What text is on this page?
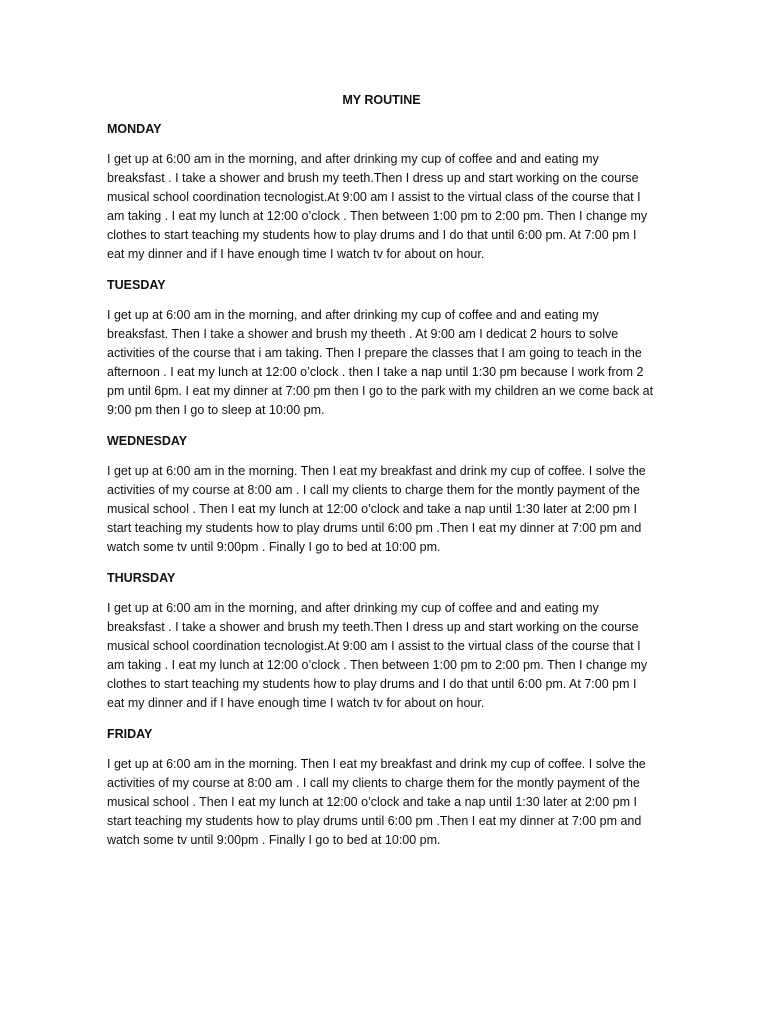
MY ROUTINE
MONDAY
I get up at 6:00 am in the morning, and after drinking my cup of coffee and and eating my breaksfast . I take a shower and brush my teeth.Then I dress up and start working on the course musical school coordination tecnologist.At 9:00 am I assist to the virtual class of the course that I am taking . I eat my lunch at 12:00 o’clock . Then between 1:00 pm to 2:00 pm. Then I change my clothes to start teaching my students how to play drums and I do that until 6:00 pm. At 7:00 pm I eat my dinner and if I have enough time I watch tv for about on hour.
TUESDAY
I get up at 6:00 am in the morning, and after drinking my cup of coffee and and eating my breaksfast. Then I take a shower and brush my theeth . At 9:00 am I dedicat 2 hours to solve activities of the course that i am taking. Then I prepare the classes that I am going to teach in the afternoon . I eat my lunch at 12:00 o’clock . then I take a nap until 1:30 pm because I work from 2 pm until 6pm. I eat my dinner at 7:00 pm then I go to the park with my children an we come back at 9:00 pm then I go to sleep at 10:00 pm.
WEDNESDAY
I get up at 6:00 am in the morning. Then I eat my breakfast and drink my cup of coffee. I solve the activities of my course at 8:00 am . I call my clients to charge them for the montly payment of the musical school . Then I eat my lunch at 12:00 o’clock and take a nap until 1:30 later at 2:00 pm I start teaching my students how to play drums until 6:00 pm .Then I eat my dinner at 7:00 pm and watch some tv until 9:00pm . Finally I go to bed at 10:00 pm.
THURSDAY
I get up at 6:00 am in the morning, and after drinking my cup of coffee and and eating my breaksfast . I take a shower and brush my teeth.Then I dress up and start working on the course musical school coordination tecnologist.At 9:00 am I assist to the virtual class of the course that I am taking . I eat my lunch at 12:00 o’clock . Then between 1:00 pm to 2:00 pm. Then I change my clothes to start teaching my students how to play drums and I do that until 6:00 pm. At 7:00 pm I eat my dinner and if I have enough time I watch tv for about on hour.
FRIDAY
I get up at 6:00 am in the morning. Then I eat my breakfast and drink my cup of coffee. I solve the activities of my course at 8:00 am . I call my clients to charge them for the montly payment of the musical school . Then I eat my lunch at 12:00 o’clock and take a nap until 1:30 later at 2:00 pm I start teaching my students how to play drums until 6:00 pm .Then I eat my dinner at 7:00 pm and watch some tv until 9:00pm . Finally I go to bed at 10:00 pm.
